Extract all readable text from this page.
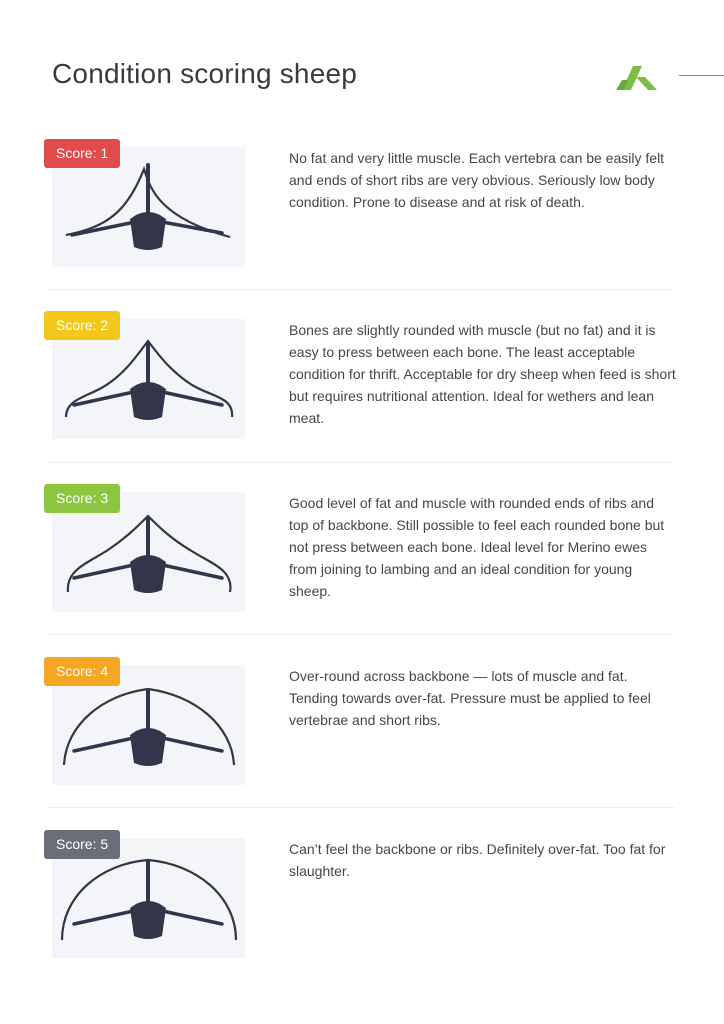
Condition scoring sheep
Score: 1	No fat and very little muscle. Each vertebra can be easily felt and ends of short ribs are very obvious. Seriously low body condition. Prone to disease and at risk of death.

Score: 2	Bones are slightly rounded with muscle (but no fat) and it is easy to press between each bone. The least acceptable condition for thrift. Acceptable for dry sheep when feed is short but requires nutritional attention. Ideal for wethers and lean meat.

Score: 3	Good level of fat and muscle with rounded ends of ribs and top of backbone. Still possible to feel each rounded bone but not press between each bone. Ideal level for Merino ewes from joining to lambing and an ideal condition for young sheep.

Score: 4	Over-round across backbone — lots of muscle and fat. Tending towards over-fat. Pressure must be applied to feel vertebrae and short ribs.

Score: 5	Can’t feel the backbone or ribs. Definitely over-fat. Too fat for slaughter.
